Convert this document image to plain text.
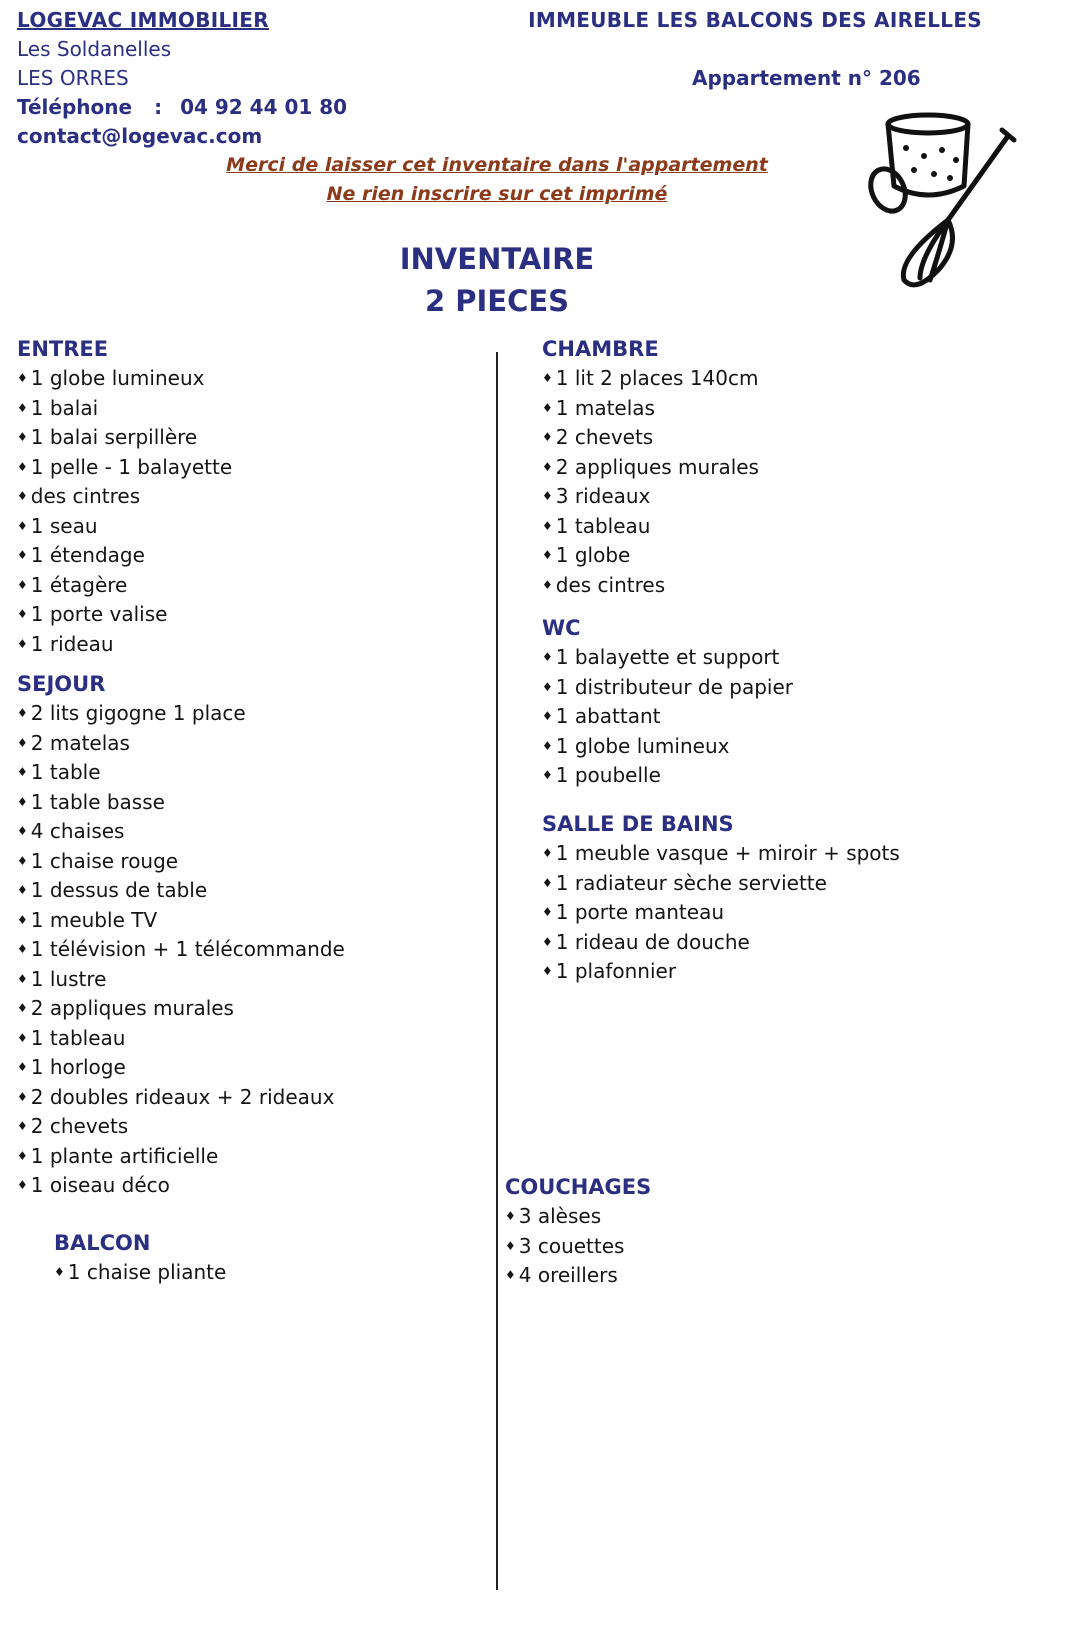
LOGEVAC IMMOBILIER
Les Soldanelles
LES ORRES
Téléphone : 04 92 44 01 80
contact@logevac.com
IMMEUBLE LES BALCONS DES AIRELLES
Appartement n° 206
Merci de laisser cet inventaire dans l'appartement
Ne rien inscrire sur cet imprimé
INVENTAIRE
2 PIECES
ENTREE
♦ 1 globe lumineux
♦ 1 balai
♦ 1 balai serpillère
♦ 1 pelle - 1 balayette
♦ des cintres
♦ 1 seau
♦ 1 étendage
♦ 1 étagère
♦ 1 porte valise
♦ 1 rideau
SEJOUR
♦ 2 lits gigogne 1 place
♦ 2 matelas
♦ 1 table
♦ 1 table basse
♦ 4 chaises
♦ 1 chaise rouge
♦ 1 dessus de table
♦ 1 meuble TV
♦ 1 télévision + 1 télécommande
♦ 1 lustre
♦ 2 appliques murales
♦ 1 tableau
♦ 1 horloge
♦ 2 doubles rideaux + 2 rideaux
♦ 2 chevets
♦ 1 plante artificielle
♦ 1 oiseau déco
BALCON
♦ 1 chaise pliante
CHAMBRE
♦ 1 lit 2 places 140cm
♦ 1 matelas
♦ 2 chevets
♦ 2 appliques murales
♦ 3 rideaux
♦ 1 tableau
♦ 1 globe
♦ des cintres
WC
♦ 1 balayette et support
♦ 1 distributeur de papier
♦ 1 abattant
♦ 1 globe lumineux
♦ 1 poubelle
SALLE DE BAINS
♦ 1 meuble vasque + miroir + spots
♦ 1 radiateur sèche serviette
♦ 1 porte manteau
♦ 1 rideau de douche
♦ 1 plafonnier
COUCHAGES
♦ 3 alèses
♦ 3 couettes
♦ 4 oreillers
